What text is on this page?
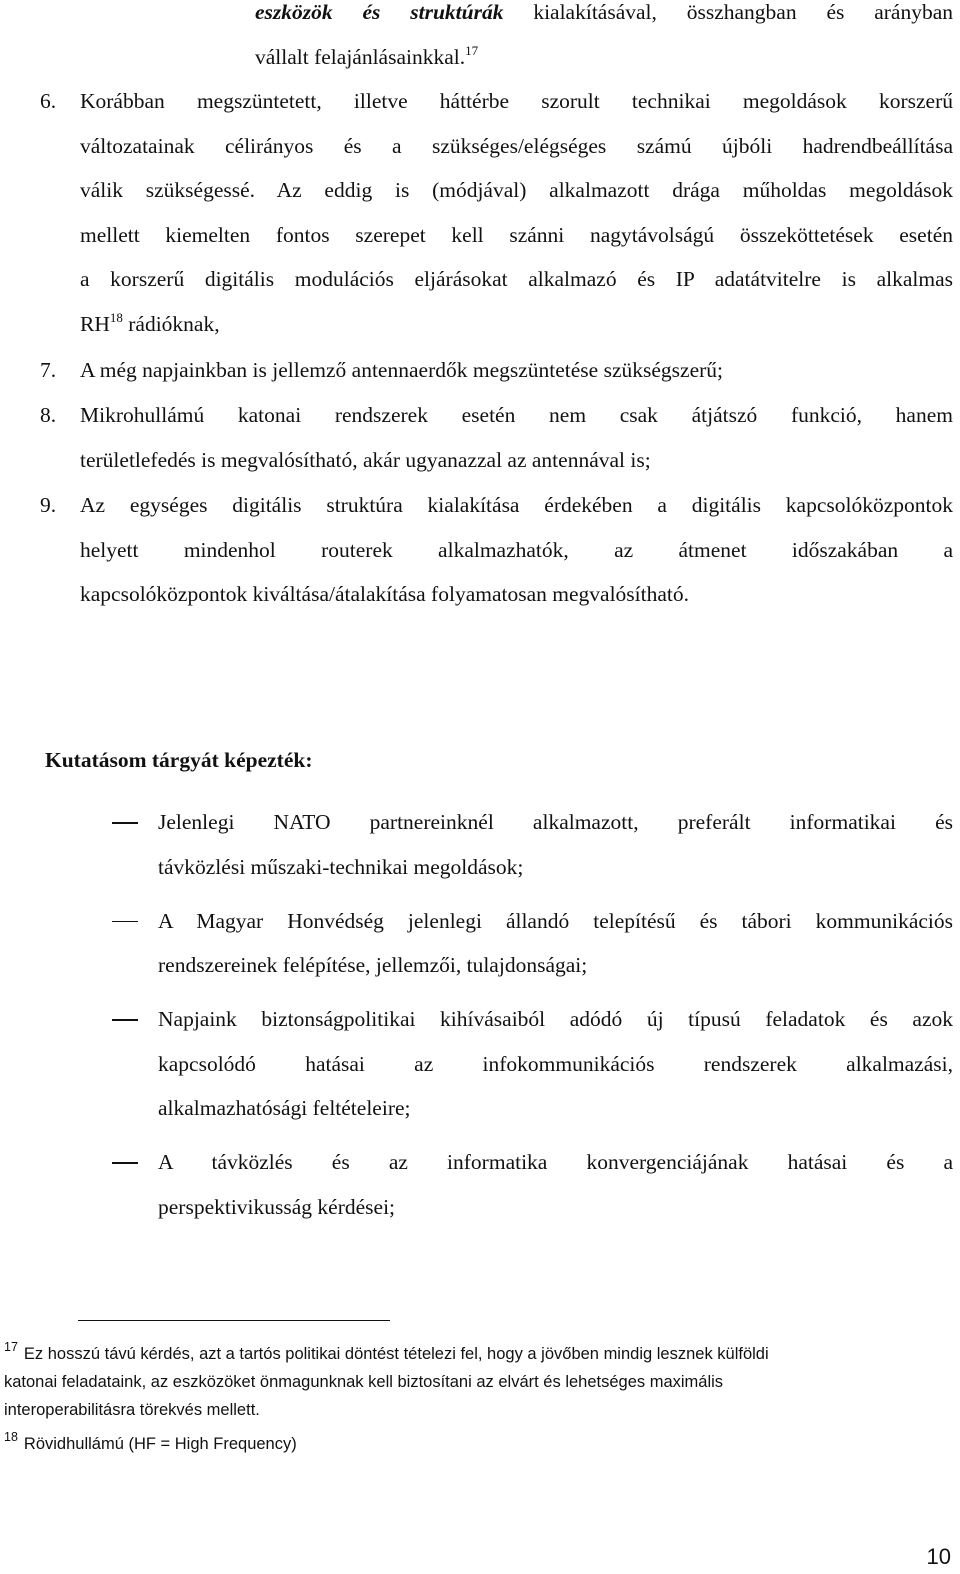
eszközök és struktúrák kialakításával, összhangban és arányban
vállalt felajánlásainkkal.$^{17}$
6. Korábban megszüntetett, illetve háttérbe szorult technikai megoldások korszerű
változatainak célirányos és a szükséges/elégséges számú újbóli hadrendbeállítása
válik szükségessé. Az eddig is (módjával) alkalmazott drága műholdas megoldások
mellett kiemelten fontos szerepet kell szánni nagytávolságú összeköttetések esetén
a korszerű digitális modulációs eljárásokat alkalmazó és IP adatátvitelre is alkalmas
RH$^{18}$ rádióknak,
7. A még napjainkban is jellemző antennaerdők megszüntetése szükségszerű;
8. Mikrohullámú katonai rendszerek esetén nem csak átjátszó funkció, hanem
területlefedés is megvalósítható, akár ugyanazzal az antennával is;
9. Az egységes digitális struktúra kialakítása érdekében a digitális kapcsolóközpontok
helyett mindenhol routerek alkalmazhatók, az átmenet időszakában a
kapcsolóközpontok kiváltása/átalakítása folyamatosan megvalósítható.
Kutatásom tárgyát képezték:
Jelenlegi NATO partnereinknél alkalmazott, preferált informatikai és
távközlési műszaki-technikai megoldások;
A Magyar Honvédség jelenlegi állandó telepítésű és tábori kommunikációs
rendszereinek felépítése, jellemzői, tulajdonságai;
Napjaink biztonságpolitikai kihívásaiból adódó új típusú feladatok és azok
kapcsolódó hatásai az infokommunikációs rendszerek alkalmazási,
alkalmazhatósági feltételeire;
A távközlés és az informatika konvergenciájának hatásai és a
perspektivikusság kérdései;
$^{17}$ Ez hosszú távú kérdés, azt a tartós politikai döntést tételezi fel, hogy a jövőben mindig lesznek külföldi
katonai feladataink, az eszközöket önmagunknak kell biztosítani az elvárt és lehetséges maximális
interoperabilitásra törekvés mellett.
$^{18}$ Rövidhullámú (HF = High Frequency)
10
